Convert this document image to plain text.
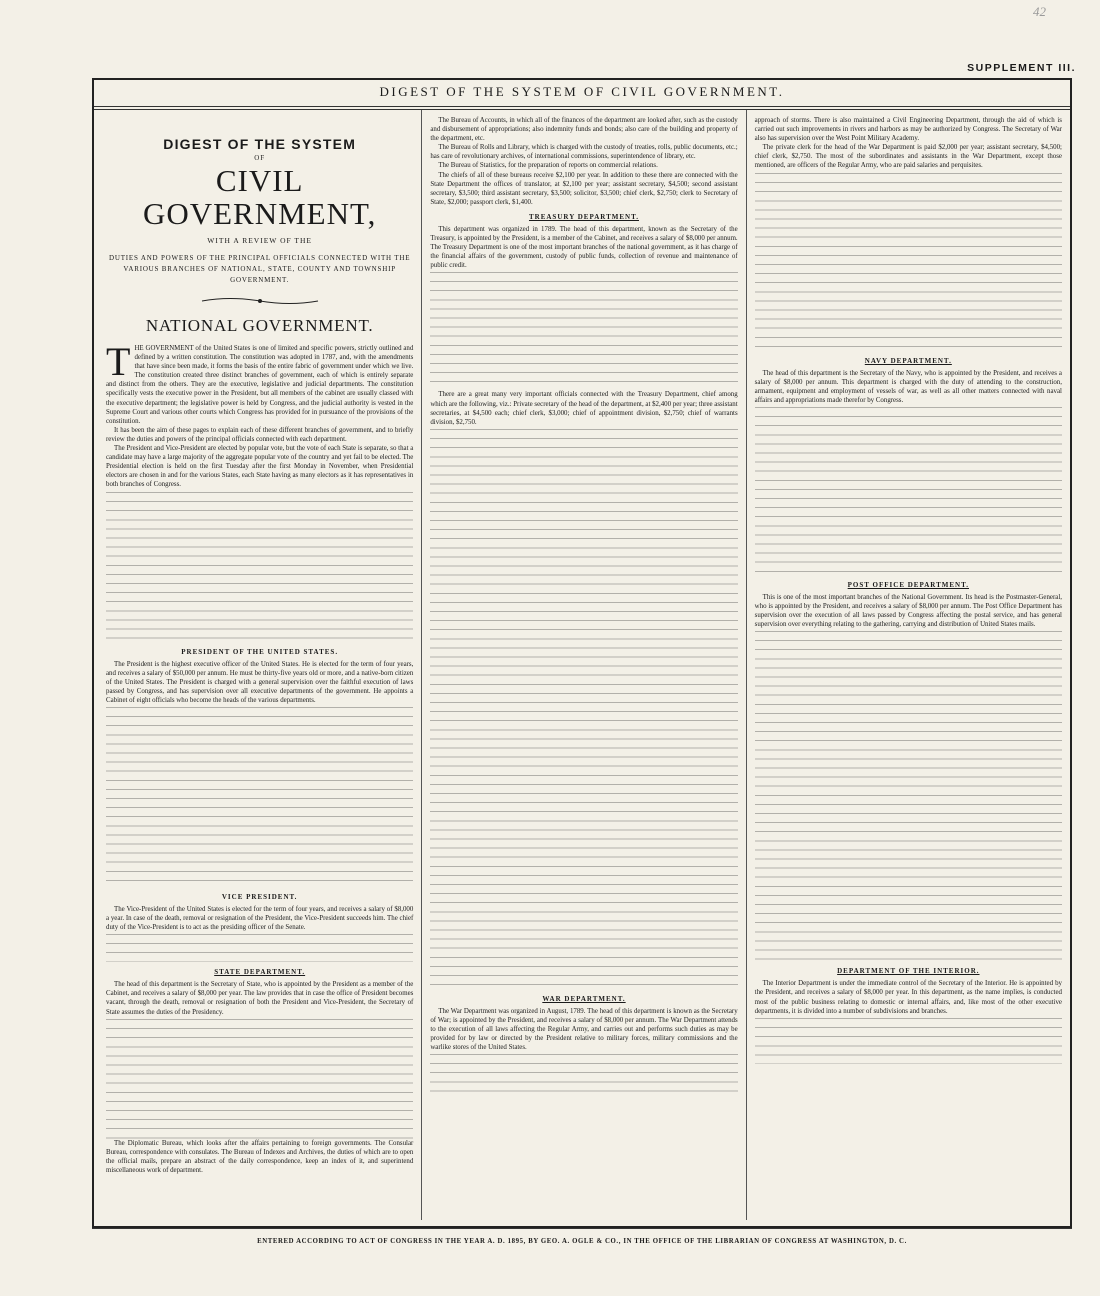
42
SUPPLEMENT III.
DIGEST OF THE SYSTEM OF CIVIL GOVERNMENT.
DIGEST OF THE SYSTEM
OF
CIVIL GOVERNMENT,
WITH A REVIEW OF THE
DUTIES AND POWERS OF THE PRINCIPAL OFFICIALS CONNECTED WITH THE VARIOUS BRANCHES OF NATIONAL, STATE, COUNTY AND TOWNSHIP GOVERNMENT.
NATIONAL GOVERNMENT.

THE GOVERNMENT of the United States is one of limited and specific powers, strictly outlined and defined by a written constitution. The constitution was adopted in 1787, and, with the amendments that have since been made, it forms the basis of the entire fabric of government under which we live. The constitution created three distinct branches of government, each of which is entirely separate and distinct from the others. They are the executive, legislative and judicial departments. The constitution specifically vests the executive power in the President, but all members of the cabinet are usually classed with the executive department; the legislative power is held by Congress, and the judicial authority is vested in the Supreme Court and various other courts which Congress has provided for in pursuance of the provisions of the constitution.

It has been the aim of these pages to explain each of these different branches of government, and to briefly review the duties and powers of the principal officials connected with each department.

The President and Vice-President are elected by popular vote, but the vote of each State is separate, so that a candidate may have a large majority of the aggregate popular vote of the country and yet fail to be elected. The Presidential election is held on the first Tuesday after the first Monday in November, when Presidential electors are chosen in and for the various States, each State having as many electors as it has representatives in both branches of Congress.

PRESIDENT OF THE UNITED STATES.

The President is the highest executive officer of the United States. He is elected for the term of four years, and receives a salary of $50,000 per annum. He must be thirty-five years old or more, and a native-born citizen of the United States. The President is charged with a general supervision over the faithful execution of laws passed by Congress, and has supervision over all executive departments of the government. He appoints a Cabinet of eight officials who become the heads of the various departments.

VICE PRESIDENT.

The Vice-President of the United States is elected for the term of four years, and receives a salary of $8,000 a year. In case of the death, removal or resignation of the President, the Vice-President succeeds him. The chief duty of the Vice-President is to act as the presiding officer of the Senate.

STATE DEPARTMENT.

The head of this department is the Secretary of State, who is appointed by the President as a member of the Cabinet, and receives a salary of $8,000 per year. The law provides that in case the office of President becomes vacant, through the death, removal or resignation of both the President and Vice-President, the Secretary of State assumes the duties of the Presidency.

The Diplomatic Bureau, which looks after the affairs pertaining to foreign governments. The Consular Bureau, correspondence with consulates. The Bureau of Indexes and Archives, the duties of which are to open the official mails, prepare an abstract of the daily correspondence, keep an index of it, and superintend miscellaneous work of department.

The Bureau of Accounts, in which all of the finances of the department are looked after, such as the custody and disbursement of appropriations; also indemnity funds and bonds; also care of the building and property of the department, etc.

The Bureau of Rolls and Library, which is charged with the custody of treaties, rolls, public documents, etc.; has care of revolutionary archives, of international commissions, superintendence of library, etc.

The Bureau of Statistics, for the preparation of reports on commercial relations.

The chiefs of all of these bureaus receive $2,100 per year. In addition to these there are connected with the State Department the offices of translator, at $2,100 per year; assistant secretary, $4,500; second assistant secretary, $3,500; third assistant secretary, $3,500; solicitor, $3,500; chief clerk, $2,750; clerk to Secretary of State, $2,000; passport clerk, $1,400.

TREASURY DEPARTMENT.

This department was organized in 1789. The head of this department, known as the Secretary of the Treasury, is appointed by the President, is a member of the Cabinet, and receives a salary of $8,000 per annum. The Treasury Department is one of the most important branches of the national government, as it has charge of the financial affairs of the government, custody of public funds, collection of revenue and maintenance of public credit.

There are a great many very important officials connected with the Treasury Department, chief among which are the following, viz.: Private secretary of the head of the department, at $2,400 per year; three assistant secretaries, at $4,500 each; chief clerk, $3,000; chief of appointment division, $2,750; chief of warrants division, $2,750.

WAR DEPARTMENT.

The War Department was organized in August, 1789. The head of this department is known as the Secretary of War; is appointed by the President, and receives a salary of $8,000 per annum. The War Department attends to the execution of all laws affecting the Regular Army, and carries out and performs such duties as may be provided for by law or directed by the President relative to military forces, military commissions and the warlike stores of the United States.

approach of storms. There is also maintained a Civil Engineering Department, through the aid of which is carried out such improvements in rivers and harbors as may be authorized by Congress. The Secretary of War also has supervision over the West Point Military Academy.

The private clerk for the head of the War Department is paid $2,000 per year; assistant secretary, $4,500; chief clerk, $2,750. The most of the subordinates and assistants in the War Department, except those mentioned, are officers of the Regular Army, who are paid salaries and perquisites.

NAVY DEPARTMENT.

The head of this department is the Secretary of the Navy, who is appointed by the President, and receives a salary of $8,000 per annum. This department is charged with the duty of attending to the construction, armament, equipment and employment of vessels of war, as well as all other matters connected with naval affairs and appropriations made therefor by Congress.

POST OFFICE DEPARTMENT.

This is one of the most important branches of the National Government. Its head is the Postmaster-General, who is appointed by the President, and receives a salary of $8,000 per annum. The Post Office Department has supervision over the execution of all laws passed by Congress affecting the postal service, and has general supervision over everything relating to the gathering, carrying and distribution of United States mails.

DEPARTMENT OF THE INTERIOR.

The Interior Department is under the immediate control of the Secretary of the Interior. He is appointed by the President, and receives a salary of $8,000 per year. In this department, as the name implies, is conducted most of the public business relating to domestic or internal affairs, and, like most of the other executive departments, it is divided into a number of subdivisions and branches.

ENTERED ACCORDING TO ACT OF CONGRESS IN THE YEAR A. D. 1895, BY GEO. A. OGLE & CO., IN THE OFFICE OF THE LIBRARIAN OF CONGRESS AT WASHINGTON, D. C.
